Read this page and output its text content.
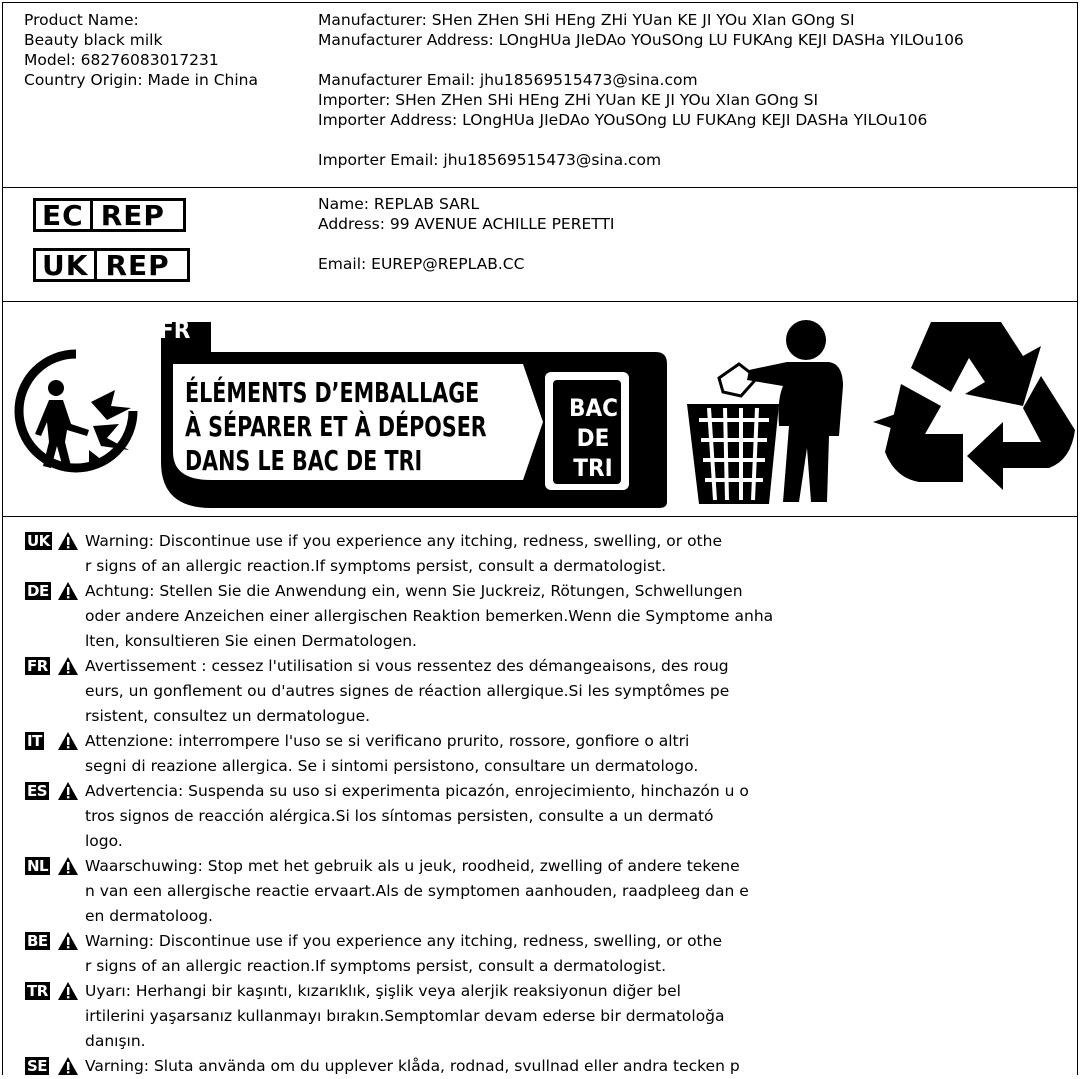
Product Name:
Beauty black milk
Model: 68276083017231
Country Origin: Made in China
Manufacturer: SHen ZHen SHi HEng ZHi YUan KE JI YOu XIan GOng SI
Manufacturer Address: LOngHUa JIeDAo YOuSOng LU FUKAng KEJI DASHa YILOu106
Manufacturer Email: jhu18569515473@sina.com
Importer: SHen ZHen SHi HEng ZHi YUan KE JI YOu XIan GOng SI
Importer Address: LOngHUa JIeDAo YOuSOng LU FUKAng KEJI DASHa YILOu106
Importer Email: jhu18569515473@sina.com
EC REP
UK REP
Name: REPLAB SARL
Address: 99 AVENUE ACHILLE PERETTI
Email: EUREP@REPLAB.CC
FR
ÉLÉMENTS D’EMBALLAGE
À SÉPARER ET À DÉPOSER
DANS LE BAC DE TRI
BAC
DE
TRI
UK Warning: Discontinue use if you experience any itching, redness, swelling, or othe
r signs of an allergic reaction.If symptoms persist, consult a dermatologist.
DE Achtung: Stellen Sie die Anwendung ein, wenn Sie Juckreiz, Rötungen, Schwellungen
oder andere Anzeichen einer allergischen Reaktion bemerken.Wenn die Symptome anha
lten, konsultieren Sie einen Dermatologen.
FR Avertissement : cessez l'utilisation si vous ressentez des démangeaisons, des roug
eurs, un gonflement ou d'autres signes de réaction allergique.Si les symptômes pe
rsistent, consultez un dermatologue.
IT	Attenzione: interrompere l'uso se si verificano prurito, rossore, gonfiore o altri
segni di reazione allergica. Se i sintomi persistono, consultare un dermatologo.
ES Advertencia: Suspenda su uso si experimenta picazón, enrojecimiento, hinchazón u o
tros signos de reacción alérgica.Si los síntomas persisten, consulte a un dermató
logo.
NL Waarschuwing: Stop met het gebruik als u jeuk, roodheid, zwelling of andere tekene
n van een allergische reactie ervaart.Als de symptomen aanhouden, raadpleeg dan e
en dermatoloog.
BE Warning: Discontinue use if you experience any itching, redness, swelling, or othe
r signs of an allergic reaction.If symptoms persist, consult a dermatologist.
TR Uyarı: Herhangi bir kaşıntı, kızarıklık, şişlik veya alerjik reaksiyonun diğer bel
irtilerini yaşarsanız kullanmayı bırakın.Semptomlar devam ederse bir dermatoloğa
danışın.
SE Varning: Sluta använda om du upplever klåda, rodnad, svullnad eller andra tecken p
